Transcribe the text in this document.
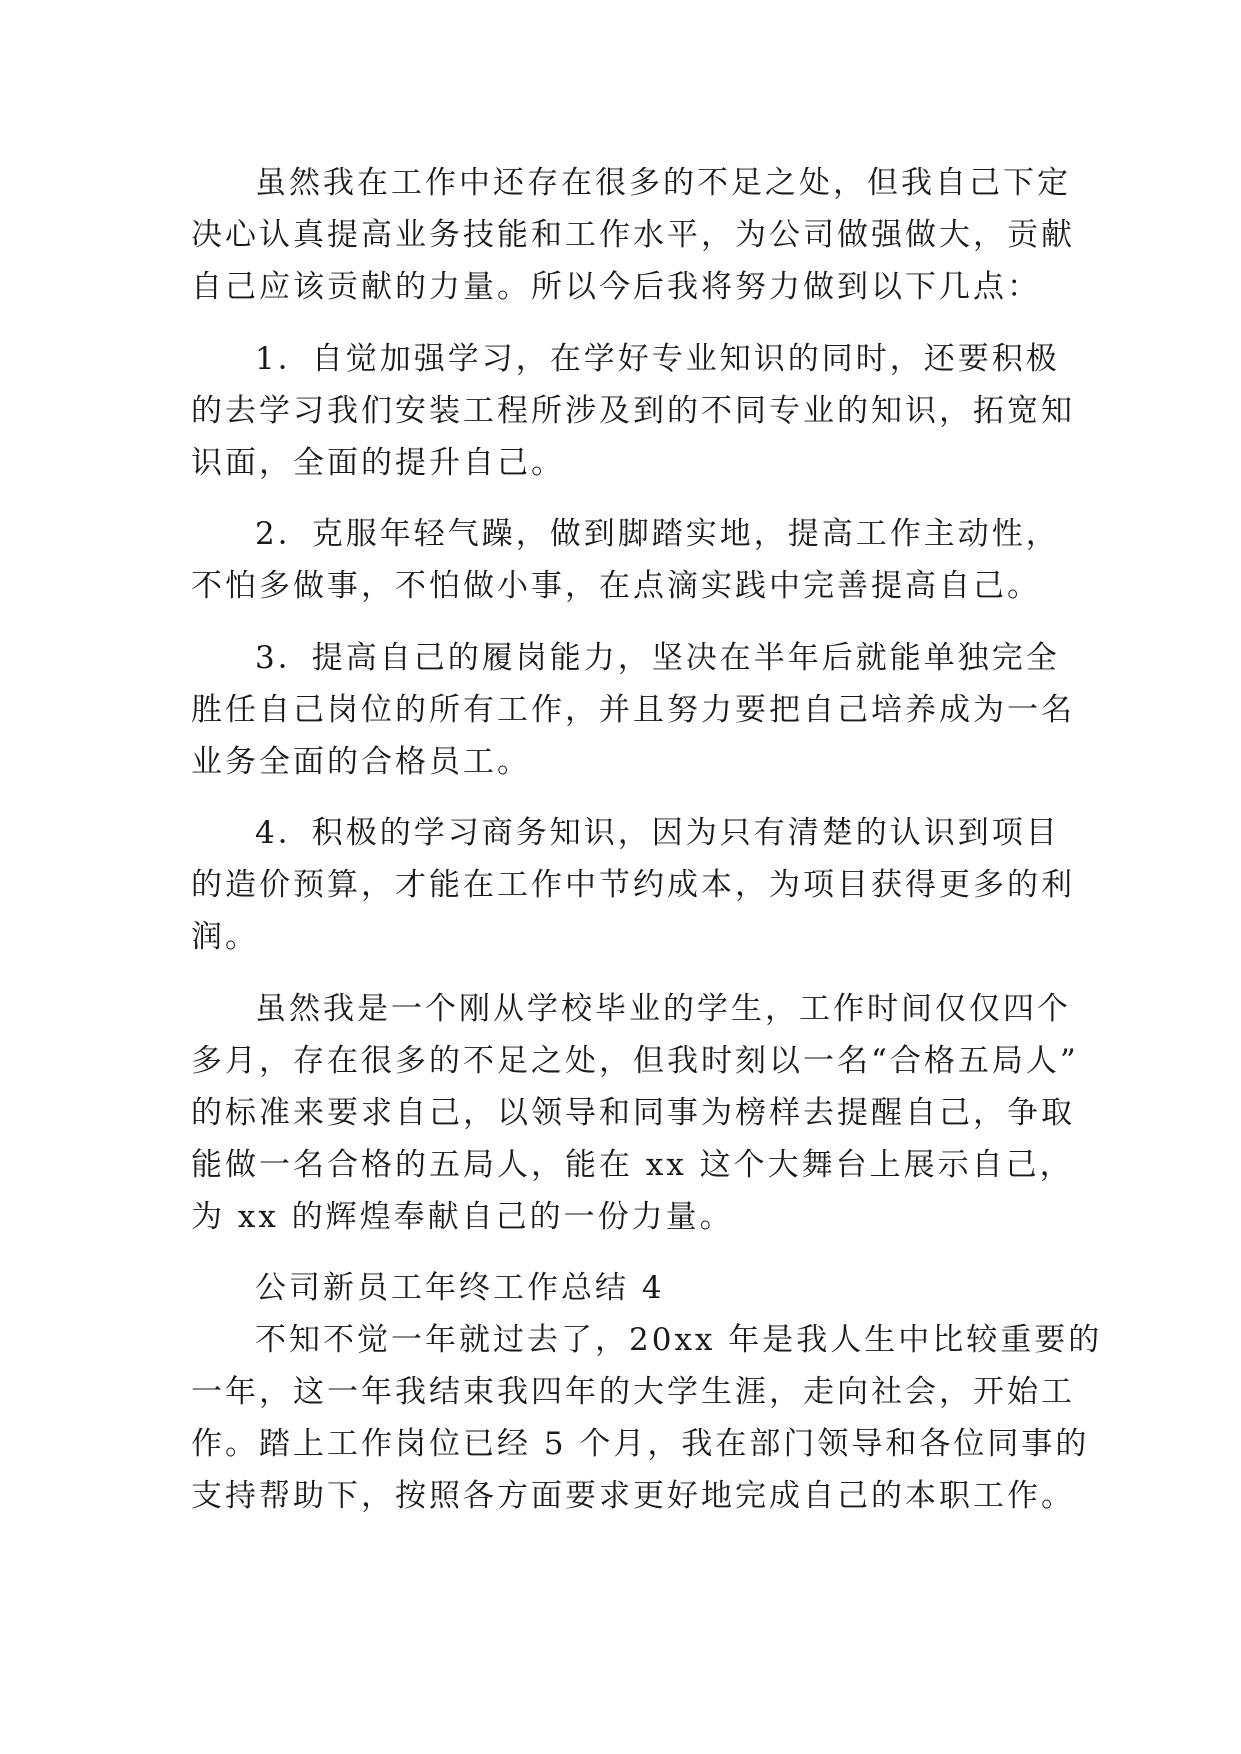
虽然我在工作中还存在很多的不足之处，但我自己下定

决心认真提高业务技能和工作水平，为公司做强做大，贡献

自己应该贡献的力量。所以今后我将努力做到以下几点：

1．自觉加强学习，在学好专业知识的同时，还要积极

的去学习我们安装工程所涉及到的不同专业的知识，拓宽知

识面，全面的提升自己。

2．克服年轻气躁，做到脚踏实地，提高工作主动性，

不怕多做事，不怕做小事，在点滴实践中完善提高自己。

3．提高自己的履岗能力，坚决在半年后就能单独完全

胜任自己岗位的所有工作，并且努力要把自己培养成为一名

业务全面的合格员工。

4．积极的学习商务知识，因为只有清楚的认识到项目

的造价预算，才能在工作中节约成本，为项目获得更多的利

润。

虽然我是一个刚从学校毕业的学生，工作时间仅仅四个

多月，存在很多的不足之处，但我时刻以一名“合格五局人”

的标准来要求自己，以领导和同事为榜样去提醒自己，争取

能做一名合格的五局人，能在 xx 这个大舞台上展示自己，

为 xx 的辉煌奉献自己的一份力量。

公司新员工年终工作总结 4

不知不觉一年就过去了，20xx 年是我人生中比较重要的

一年，这一年我结束我四年的大学生涯，走向社会，开始工

作。踏上工作岗位已经 5 个月，我在部门领导和各位同事的

支持帮助下，按照各方面要求更好地完成自己的本职工作。
